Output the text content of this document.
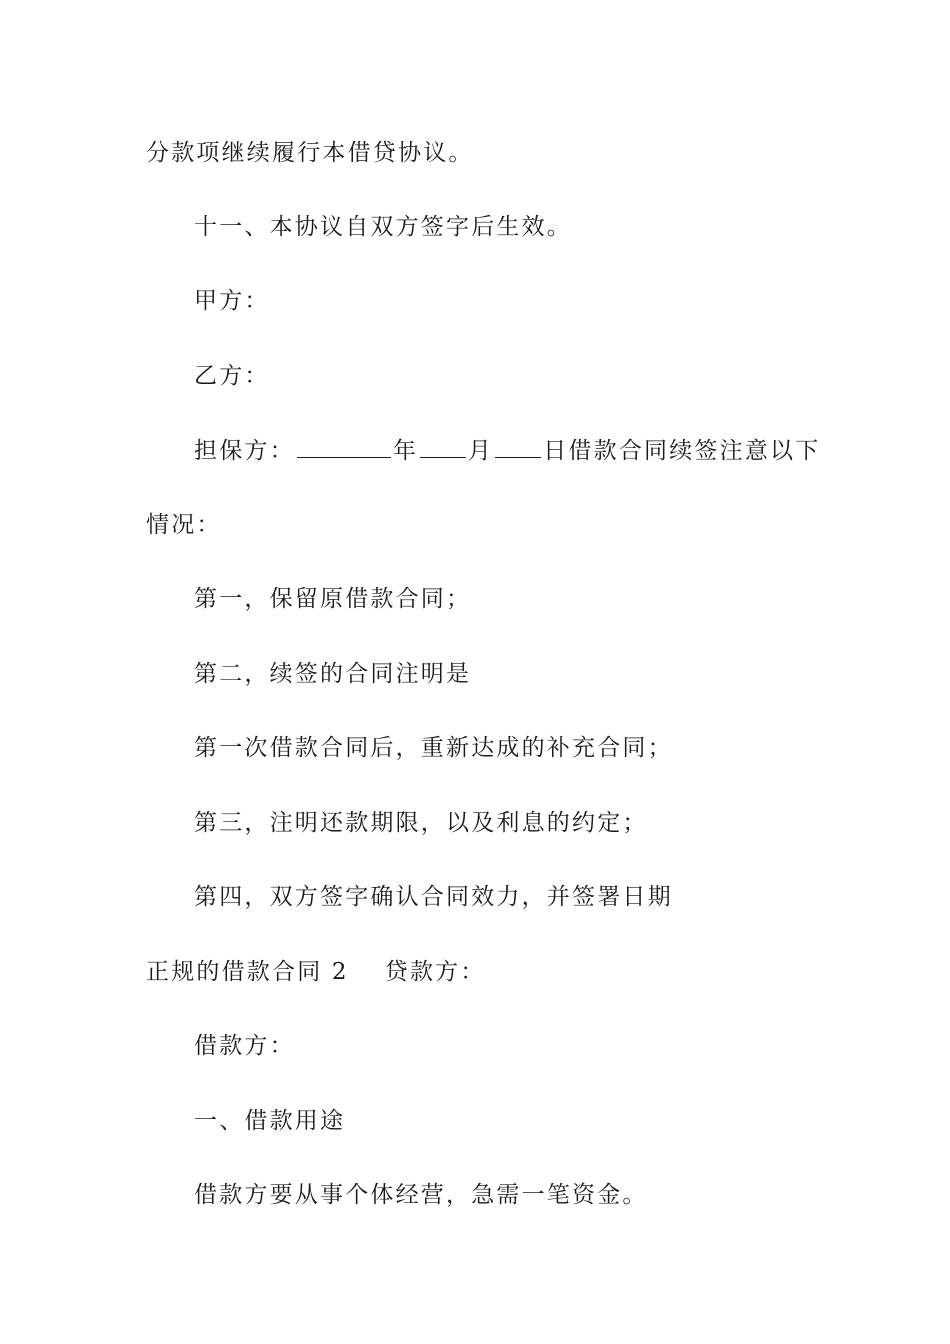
分款项继续履行本借贷协议。
十一、本协议自双方签字后生效。
甲方：
乙方：
担保方：	年 月 日借款合同续签注意以下
情况：
第一，保留原借款合同；
第二，续签的合同注明是
第一次借款合同后，重新达成的补充合同；
第三，注明还款期限，以及利息的约定；
第四，双方签字确认合同效力，并签署日期
正规的借款合同 2 贷款方：
借款方：
一、借款用途
借款方要从事个体经营，急需一笔资金。
